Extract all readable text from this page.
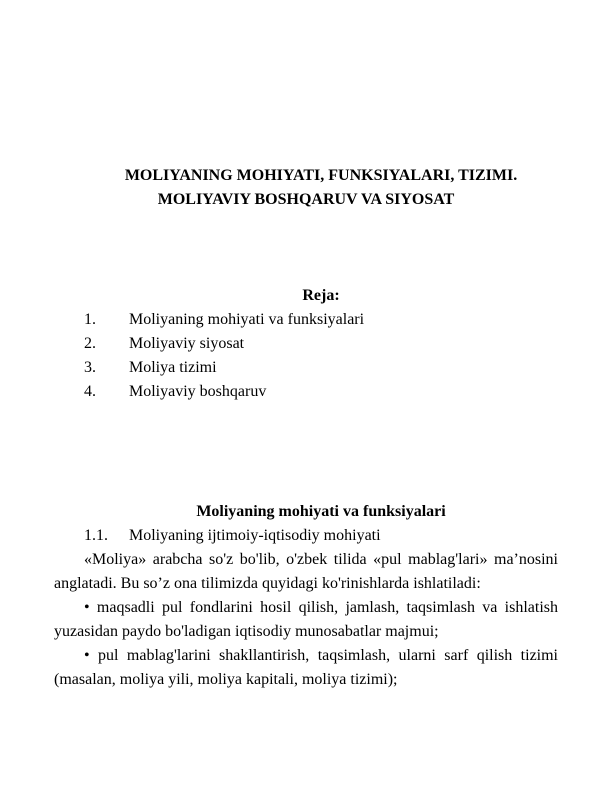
MOLIYANING MOHIYATI, FUNKSIYALARI, TIZIMI. MOLIYAVIY BOSHQARUV VA SIYOSAT

Reja:

1. Moliyaning mohiyati va funksiyalari

2. Moliyaviy siyosat

3. Moliya tizimi

4. Moliyaviy boshqaruv

Moliyaning mohiyati va funksiyalari

1.1. Moliyaning ijtimoiy-iqtisodiy mohiyati

«Moliya» arabcha so'z bo'lib, o'zbek tilida «pul mablag'lari» ma’nosini anglatadi. Bu so’z ona tilimizda quyidagi ko'rinishlarda ishlatiladi:

• maqsadli pul fondlarini hosil qilish, jamlash, taqsimlash va ishlatish yuzasidan paydo bo'ladigan iqtisodiy munosabatlar majmui;

• pul mablag'larini shakllantirish, taqsimlash, ularni sarf qilish tizimi (masalan, moliya yili, moliya kapitali, moliya tizimi);
